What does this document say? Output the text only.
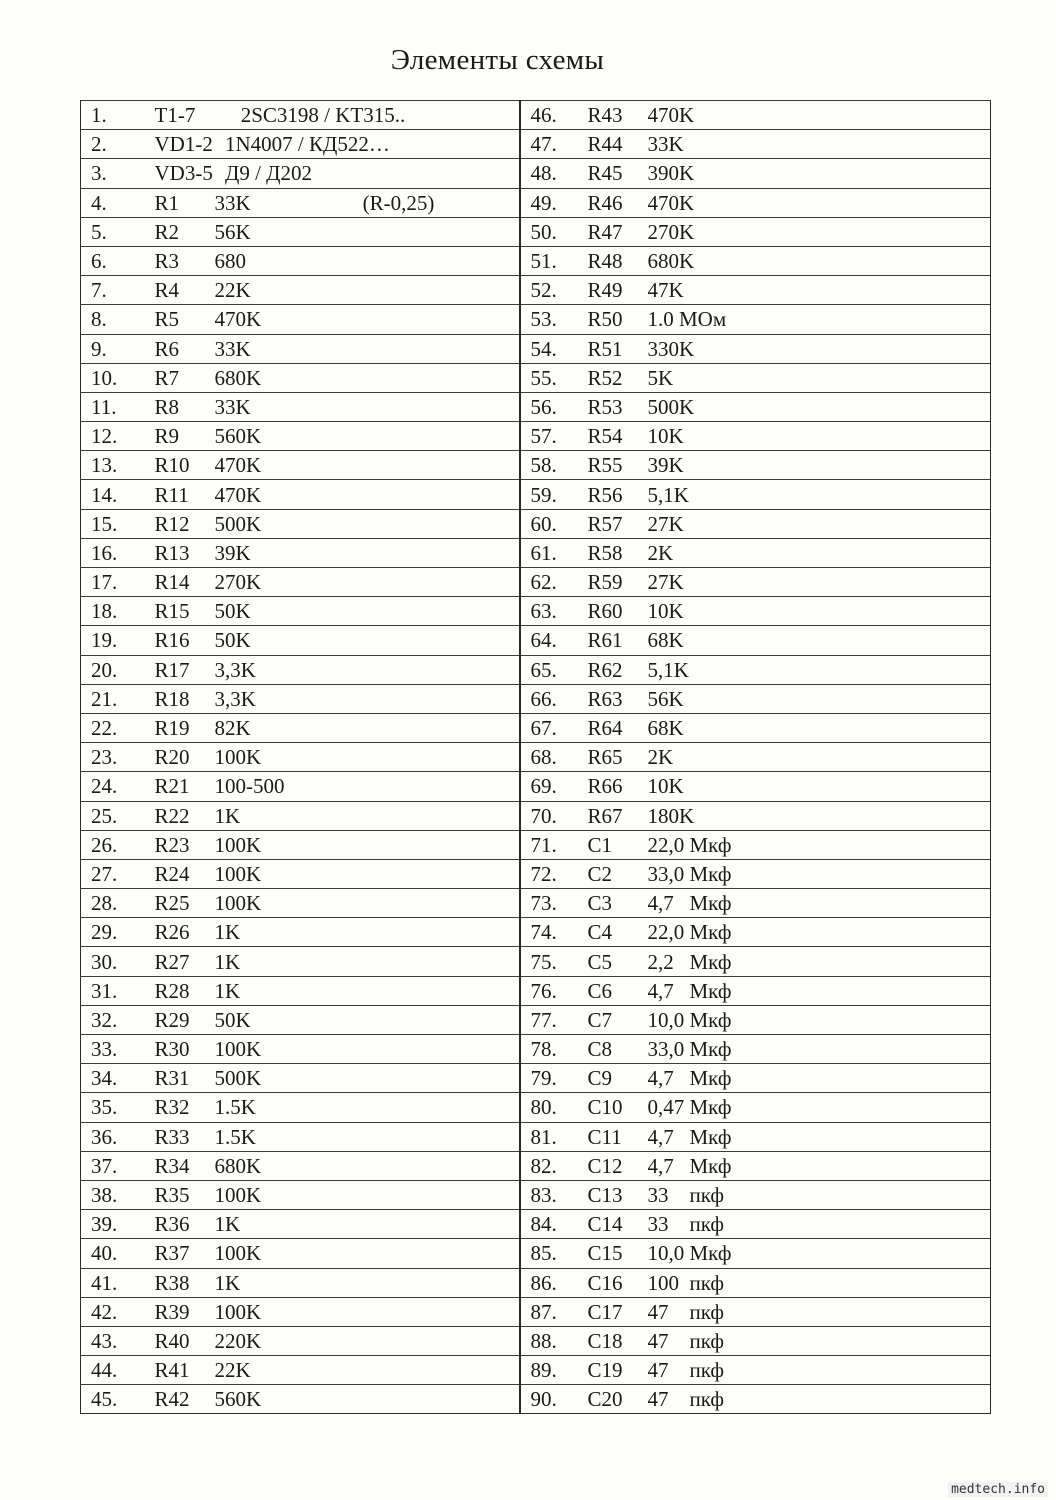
Элементы схемы
1.	T1-7	2SC3198 / KT315..	46.	R43	470K
2.	VD1-2	1N4007 / КД522…	47.	R44	33K
3.	VD3-5	Д9 / Д202	48.	R45	390K
4.	R1	33K (R-0,25)	49.	R46	470K
5.	R2	56K	50.	R47	270K
6.	R3	680	51.	R48	680K
7.	R4	22K	52.	R49	47K
8.	R5	470K	53.	R50	1.0 MОм
9.	R6	33K	54.	R51	330K
10.	R7	680K	55.	R52	5K
11.	R8	33K	56.	R53	500K
12.	R9	560K	57.	R54	10K
13.	R10	470K	58.	R55	39K
14.	R11	470K	59.	R56	5,1K
15.	R12	500K	60.	R57	27K
16.	R13	39K	61.	R58	2K
17.	R14	270K	62.	R59	27K
18.	R15	50K	63.	R60	10K
19.	R16	50K	64.	R61	68K
20.	R17	3,3K	65.	R62	5,1K
21.	R18	3,3K	66.	R63	56K
22.	R19	82K	67.	R64	68K
23.	R20	100K	68.	R65	2K
24.	R21	100-500	69.	R66	10K
25.	R22	1K	70.	R67	180K
26.	R23	100K	71.	C1	22,0 Мкф
27.	R24	100K	72.	C2	33,0 Мкф
28.	R25	100K	73.	C3	4,7   Мкф
29.	R26	1K	74.	C4	22,0 Мкф
30.	R27	1K	75.	C5	2,2   Мкф
31.	R28	1K	76.	C6	4,7   Мкф
32.	R29	50K	77.	C7	10,0 Мкф
33.	R30	100K	78.	C8	33,0 Мкф
34.	R31	500K	79.	C9	4,7   Мкф
35.	R32	1.5K	80.	C10	0,47 Мкф
36.	R33	1.5K	81.	C11	4,7   Мкф
37.	R34	680K	82.	C12	4,7   Мкф
38.	R35	100K	83.	C13	33    пкф
39.	R36	1K	84.	C14	33    пкф
40.	R37	100K	85.	C15	10,0 Мкф
41.	R38	1K	86.	C16	100  пкф
42.	R39	100K	87.	C17	47    пкф
43.	R40	220K	88.	C18	47    пкф
44.	R41	22K	89.	C19	47    пкф
45.	R42	560K	90.	C20	47    пкф
medtech.info
